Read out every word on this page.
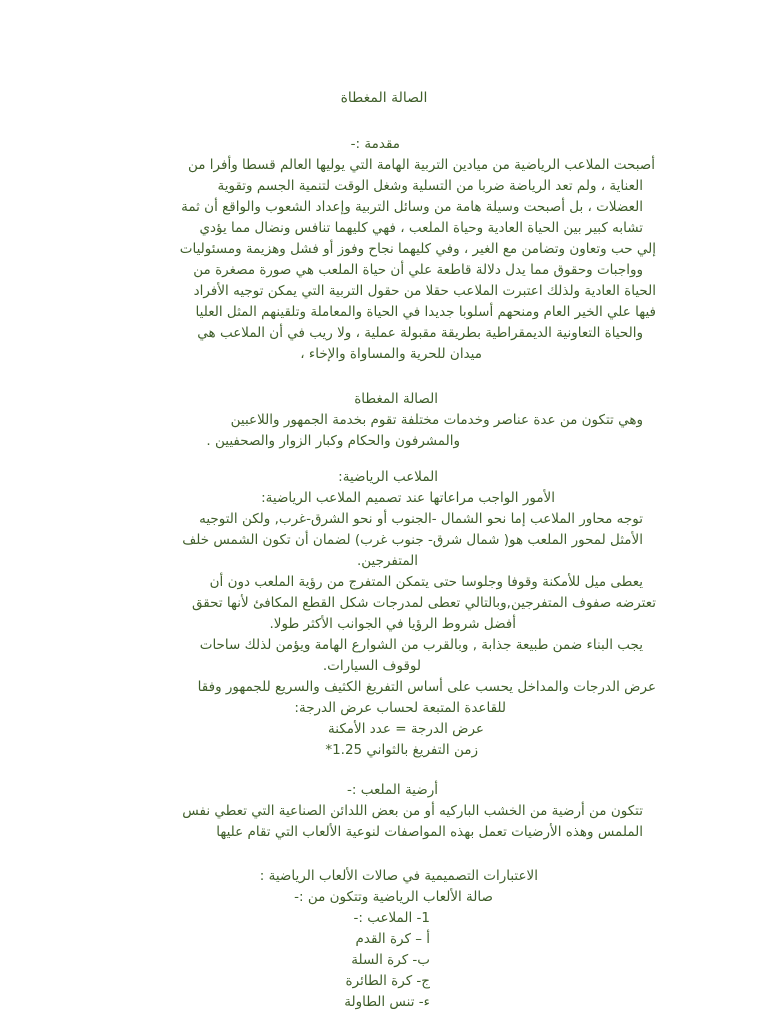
الصالة المغطاة
مقدمة :-
أصبحت الملاعب الرياضية من ميادين التربية الهامة التي يوليها العالم قسطا وأفرا من
العناية ، ولم تعد الرياضة ضربا من التسلية وشغل الوقت لتنمية الجسم وتقوية
العضلات ، بل أصبحت وسيلة هامة من وسائل التربية وإعداد الشعوب والواقع أن ثمة
تشابه كبير بين الحياة العادية وحياة الملعب ، فهي كليهما تنافس ونضال مما يؤدي
إلي حب وتعاون وتضامن مع الغير ، وفي كليهما نجاح وفوز أو فشل وهزيمة ومسئوليات
وواجبات وحقوق مما يدل دلالة قاطعة علي أن حياة الملعب هي صورة مصغرة من
الحياة العادية ولذلك اعتبرت الملاعب حقلا من حقول التربية التي يمكن توجيه الأفراد
فيها علي الخير العام ومنحهم أسلوبا جديدا في الحياة والمعاملة وتلقينهم المثل العليا
والحياة التعاونية الديمقراطية بطريقة مقبولة عملية ، ولا ريب في أن الملاعب هي
ميدان للحرية والمساواة والإخاء ،
الصالة المغطاة
وهي تتكون من عدة عناصر وخدمات مختلفة تقوم بخدمة الجمهور واللاعبين
والمشرفون والحكام وكبار الزوار والصحفيين .
الملاعب الرياضية:
الأمور الواجب مراعاتها عند تصميم الملاعب الرياضية:
توجه محاور الملاعب إما نحو الشمال -الجنوب أو نحو الشرق-غرب, ولكن التوجيه
الأمثل لمحور الملعب هو( شمال شرق- جنوب غرب) لضمان أن تكون الشمس خلف
المتفرجين.
يعطى ميل للأمكنة وقوفا وجلوسا حتى يتمكن المتفرج من رؤية الملعب دون أن
تعترضه صفوف المتفرجين,وبالتالي تعطى لمدرجات شكل القطع المكافئ لأنها تحقق
أفضل شروط الرؤيا في الجوانب الأكثر طولا.
يجب البناء ضمن طبيعة جذابة , وبالقرب من الشوارع الهامة ويؤمن لذلك ساحات
لوقوف السيارات.
عرض الدرجات والمداخل يحسب على أساس التفريغ الكثيف والسريع للجمهور وفقا
للقاعدة المتبعة لحساب عرض الدرجة:
عرض الدرجة = عدد الأمكنة
زمن التفريغ بالثواني 1.25*
أرضية الملعب :-
تتكون من أرضية من الخشب الباركيه أو من بعض اللدائن الصناعية التي تعطي نفس
الملمس وهذه الأرضيات تعمل بهذه المواصفات لنوعية الألعاب التي تقام عليها
الاعتبارات التصميمية في صالات الألعاب الرياضية :
صالة الألعاب الرياضية وتتكون من :-
1- الملاعب :-
أ – كرة القدم
ب- كرة السلة
ج- كرة الطائرة
ء- تنس الطاولة
